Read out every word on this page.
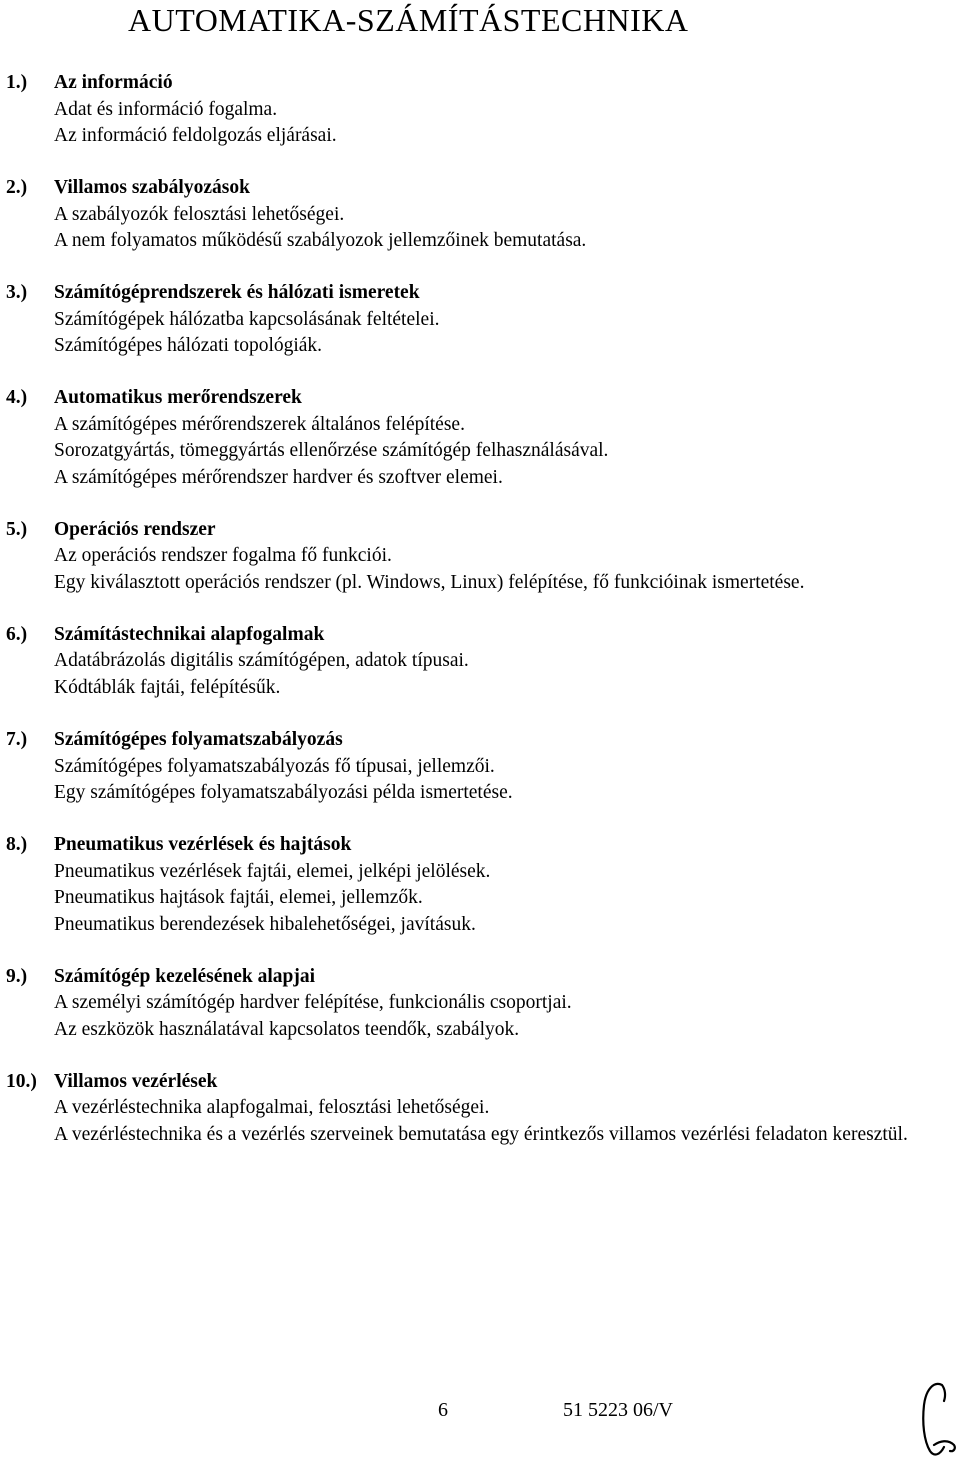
AUTOMATIKA-SZÁMÍTÁSTECHNIKA
1.)	Az információ
Adat és információ fogalma.
Az információ feldolgozás eljárásai.
2.)	Villamos szabályozások
A szabályozók felosztási lehetőségei.
A nem folyamatos működésű szabályozok jellemzőinek bemutatása.
3.)	Számítógéprendszerek és hálózati ismeretek
Számítógépek hálózatba kapcsolásának feltételei.
Számítógépes hálózati topológiák.
4.)	Automatikus merőrendszerek
A számítógépes mérőrendszerek általános felépítése.
Sorozatgyártás, tömeggyártás ellenőrzése számítógép felhasználásával.
A számítógépes mérőrendszer hardver és szoftver elemei.
5.)	Operációs rendszer
Az operációs rendszer fogalma fő funkciói.
Egy kiválasztott operációs rendszer (pl. Windows, Linux) felépítése, fő funkcióinak ismertetése.
6.)	Számítástechnikai alapfogalmak
Adatábrázolás digitális számítógépen, adatok típusai.
Kódtáblák fajtái, felépítésűk.
7.)	Számítógépes folyamatszabályozás
Számítógépes folyamatszabályozás fő típusai, jellemzői.
Egy számítógépes folyamatszabályozási példa ismertetése.
8.)	Pneumatikus vezérlések és hajtások
Pneumatikus vezérlések fajtái, elemei, jelképi jelölések.
Pneumatikus hajtások fajtái, elemei, jellemzők.
Pneumatikus berendezések hibalehetőségei, javításuk.
9.)	Számítógép kezelésének alapjai
A személyi számítógép hardver felépítése, funkcionális csoportjai.
Az eszközök használatával kapcsolatos teendők, szabályok.
10.) Villamos vezérlések
A vezérléstechnika alapfogalmai, felosztási lehetőségei.
A vezérléstechnika és a vezérlés szerveinek bemutatása egy érintkezős villamos vezérlési feladaton keresztül.
6	51 5223 06/V
